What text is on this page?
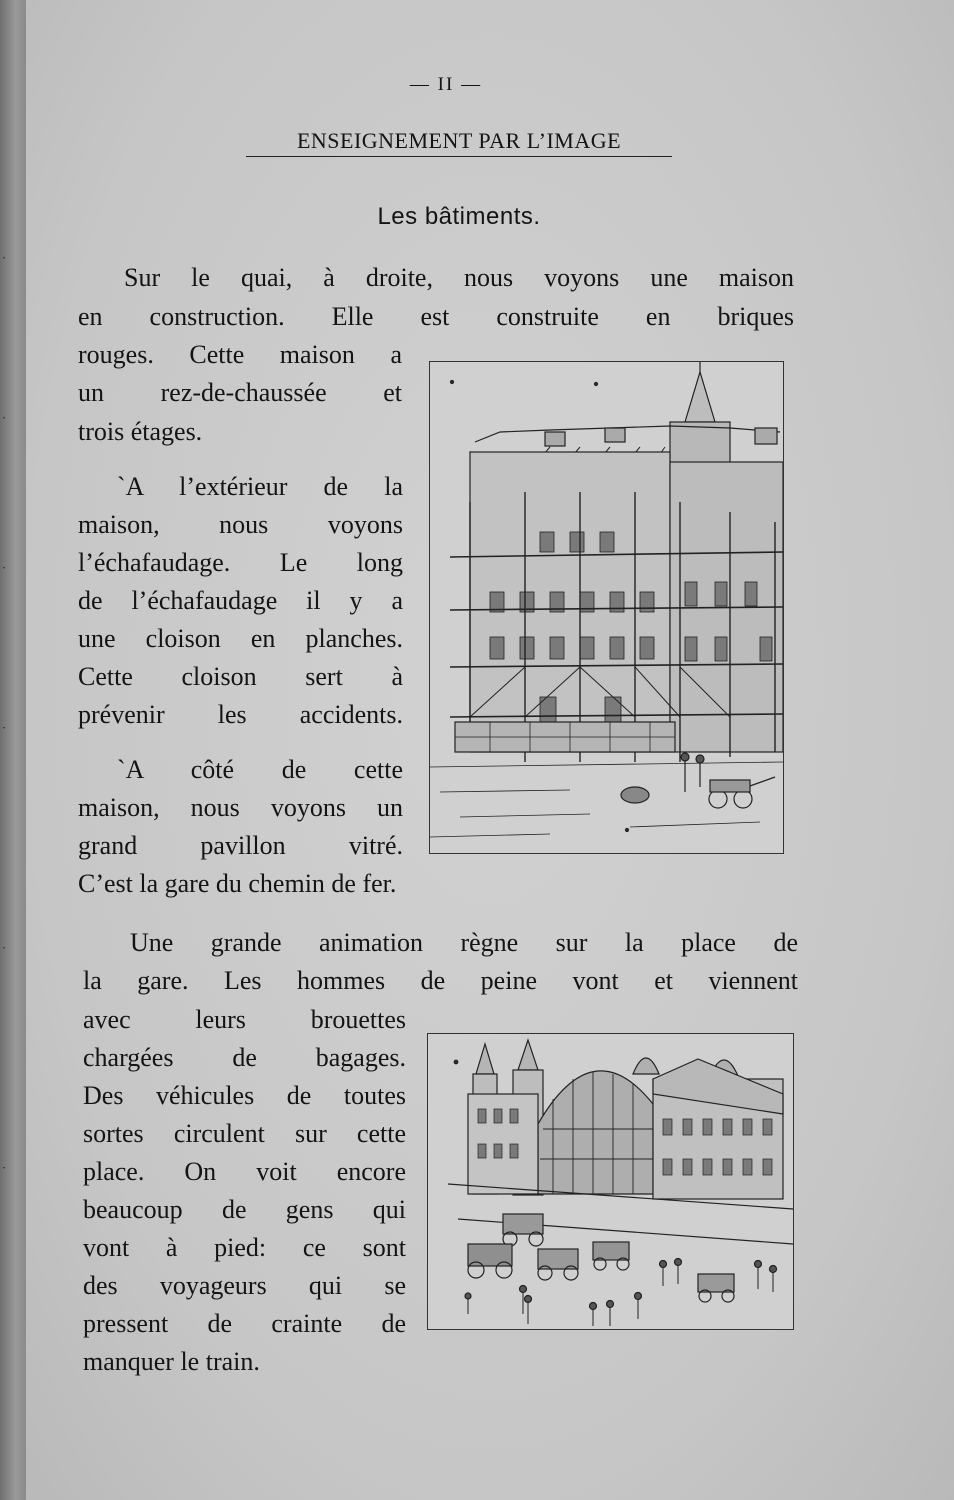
·
·
·
·
·
·
— II —
ENSEIGNEMENT PAR L’IMAGE
Les bâtiments.
Sur le quai, à droite, nous voyons une maison
en construction. Elle est construite en briques
rouges. Cette maison a
un rez-de-chaussée et
trois étages.
`A l’extérieur de la
maison, nous voyons
l’échafaudage. Le long
de l’échafaudage il y a
une cloison en planches.
Cette cloison sert à
prévenir les accidents.
`A côté de cette
maison, nous voyons un
grand pavillon vitré.
C’est la gare du chemin de fer.
Une grande animation règne sur la place de
la gare. Les hommes de peine vont et viennent
avec leurs brouettes
chargées de bagages.
Des véhicules de toutes
sortes circulent sur cette
place. On voit encore
beaucoup de gens qui
vont à pied: ce sont
des voyageurs qui se
pressent de crainte de
manquer le train.
